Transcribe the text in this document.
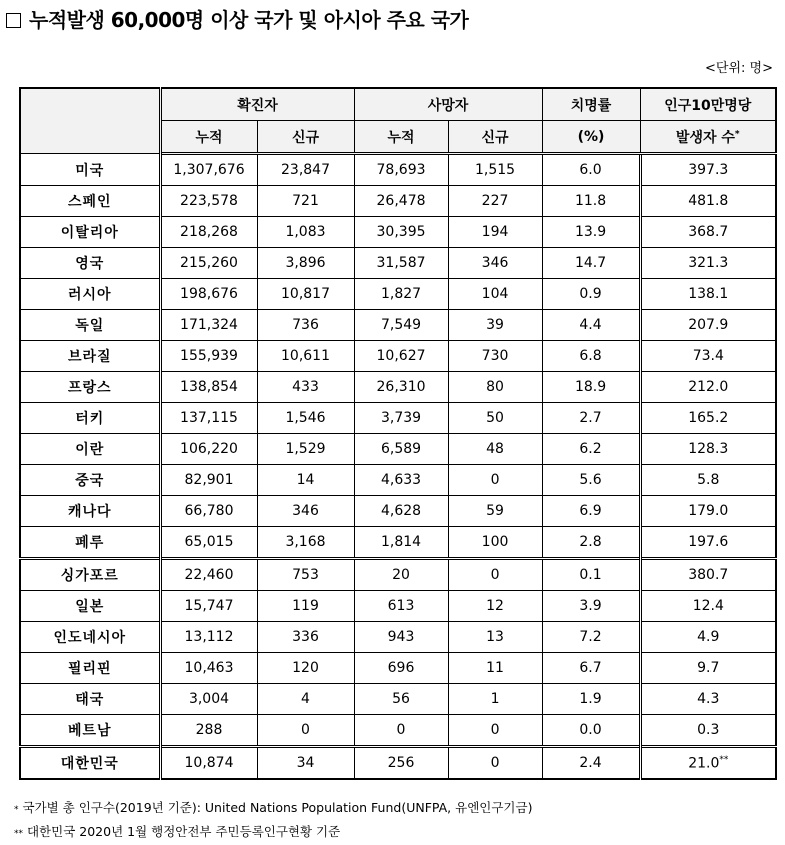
누적발생 60,000명 이상 국가 및 아시아 주요 국가
<단위: 명>
	확진자		사망자		치명률	인구10만명당
	누적	신규	누적	신규	(%)	발생자 수*
미국	1,307,676	23,847	78,693	1,515	6.0	397.3
스페인	223,578	721	26,478	227	11.8	481.8
이탈리아	218,268	1,083	30,395	194	13.9	368.7
영국	215,260	3,896	31,587	346	14.7	321.3
러시아	198,676	10,817	1,827	104	0.9	138.1
독일	171,324	736	7,549	39	4.4	207.9
브라질	155,939	10,611	10,627	730	6.8	73.4
프랑스	138,854	433	26,310	80	18.9	212.0
터키	137,115	1,546	3,739	50	2.7	165.2
이란	106,220	1,529	6,589	48	6.2	128.3
중국	82,901	14	4,633	0	5.6	5.8
캐나다	66,780	346	4,628	59	6.9	179.0
페루	65,015	3,168	1,814	100	2.8	197.6
싱가포르	22,460	753	20	0	0.1	380.7
일본	15,747	119	613	12	3.9	12.4
인도네시아	13,112	336	943	13	7.2	4.9
필리핀	10,463	120	696	11	6.7	9.7
태국	3,004	4	56	1	1.9	4.3
베트남	288	0	0	0	0.0	0.3
대한민국	10,874	34	256	0	2.4	21.0**
* 국가별 총 인구수(2019년 기준): United Nations Population Fund(UNFPA, 유엔인구기금)
** 대한민국 2020년 1월 행정안전부 주민등록인구현황 기준
